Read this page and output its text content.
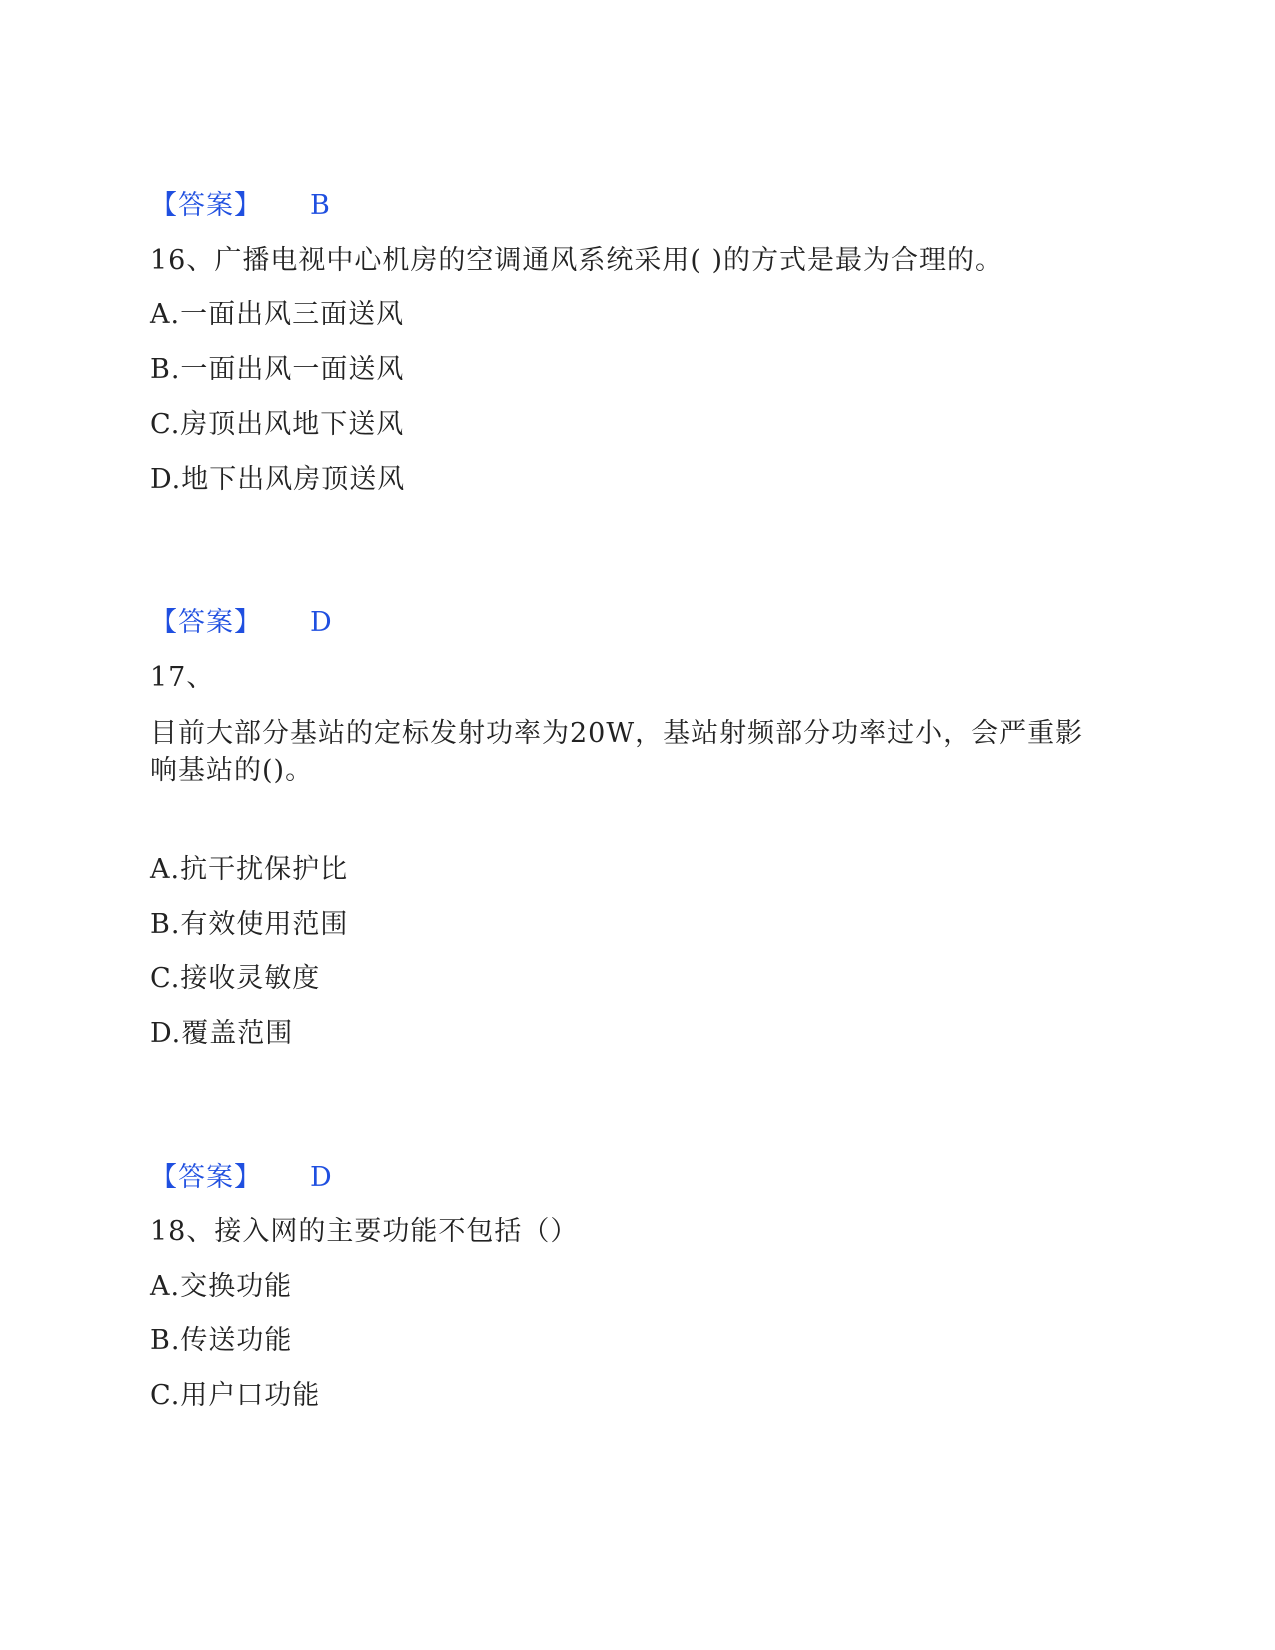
【答案】 B
16、广播电视中心机房的空调通风系统采用( )的方式是最为合理的。
A.一面出风三面送风
B.一面出风一面送风
C.房顶出风地下送风
D.地下出风房顶送风
【答案】 D
17、
目前大部分基站的定标发射功率为20W，基站射频部分功率过小，会严重影响基站的()。
A.抗干扰保护比
B.有效使用范围
C.接收灵敏度
D.覆盖范围
【答案】 D
18、接入网的主要功能不包括（）
A.交换功能
B.传送功能
C.用户口功能
